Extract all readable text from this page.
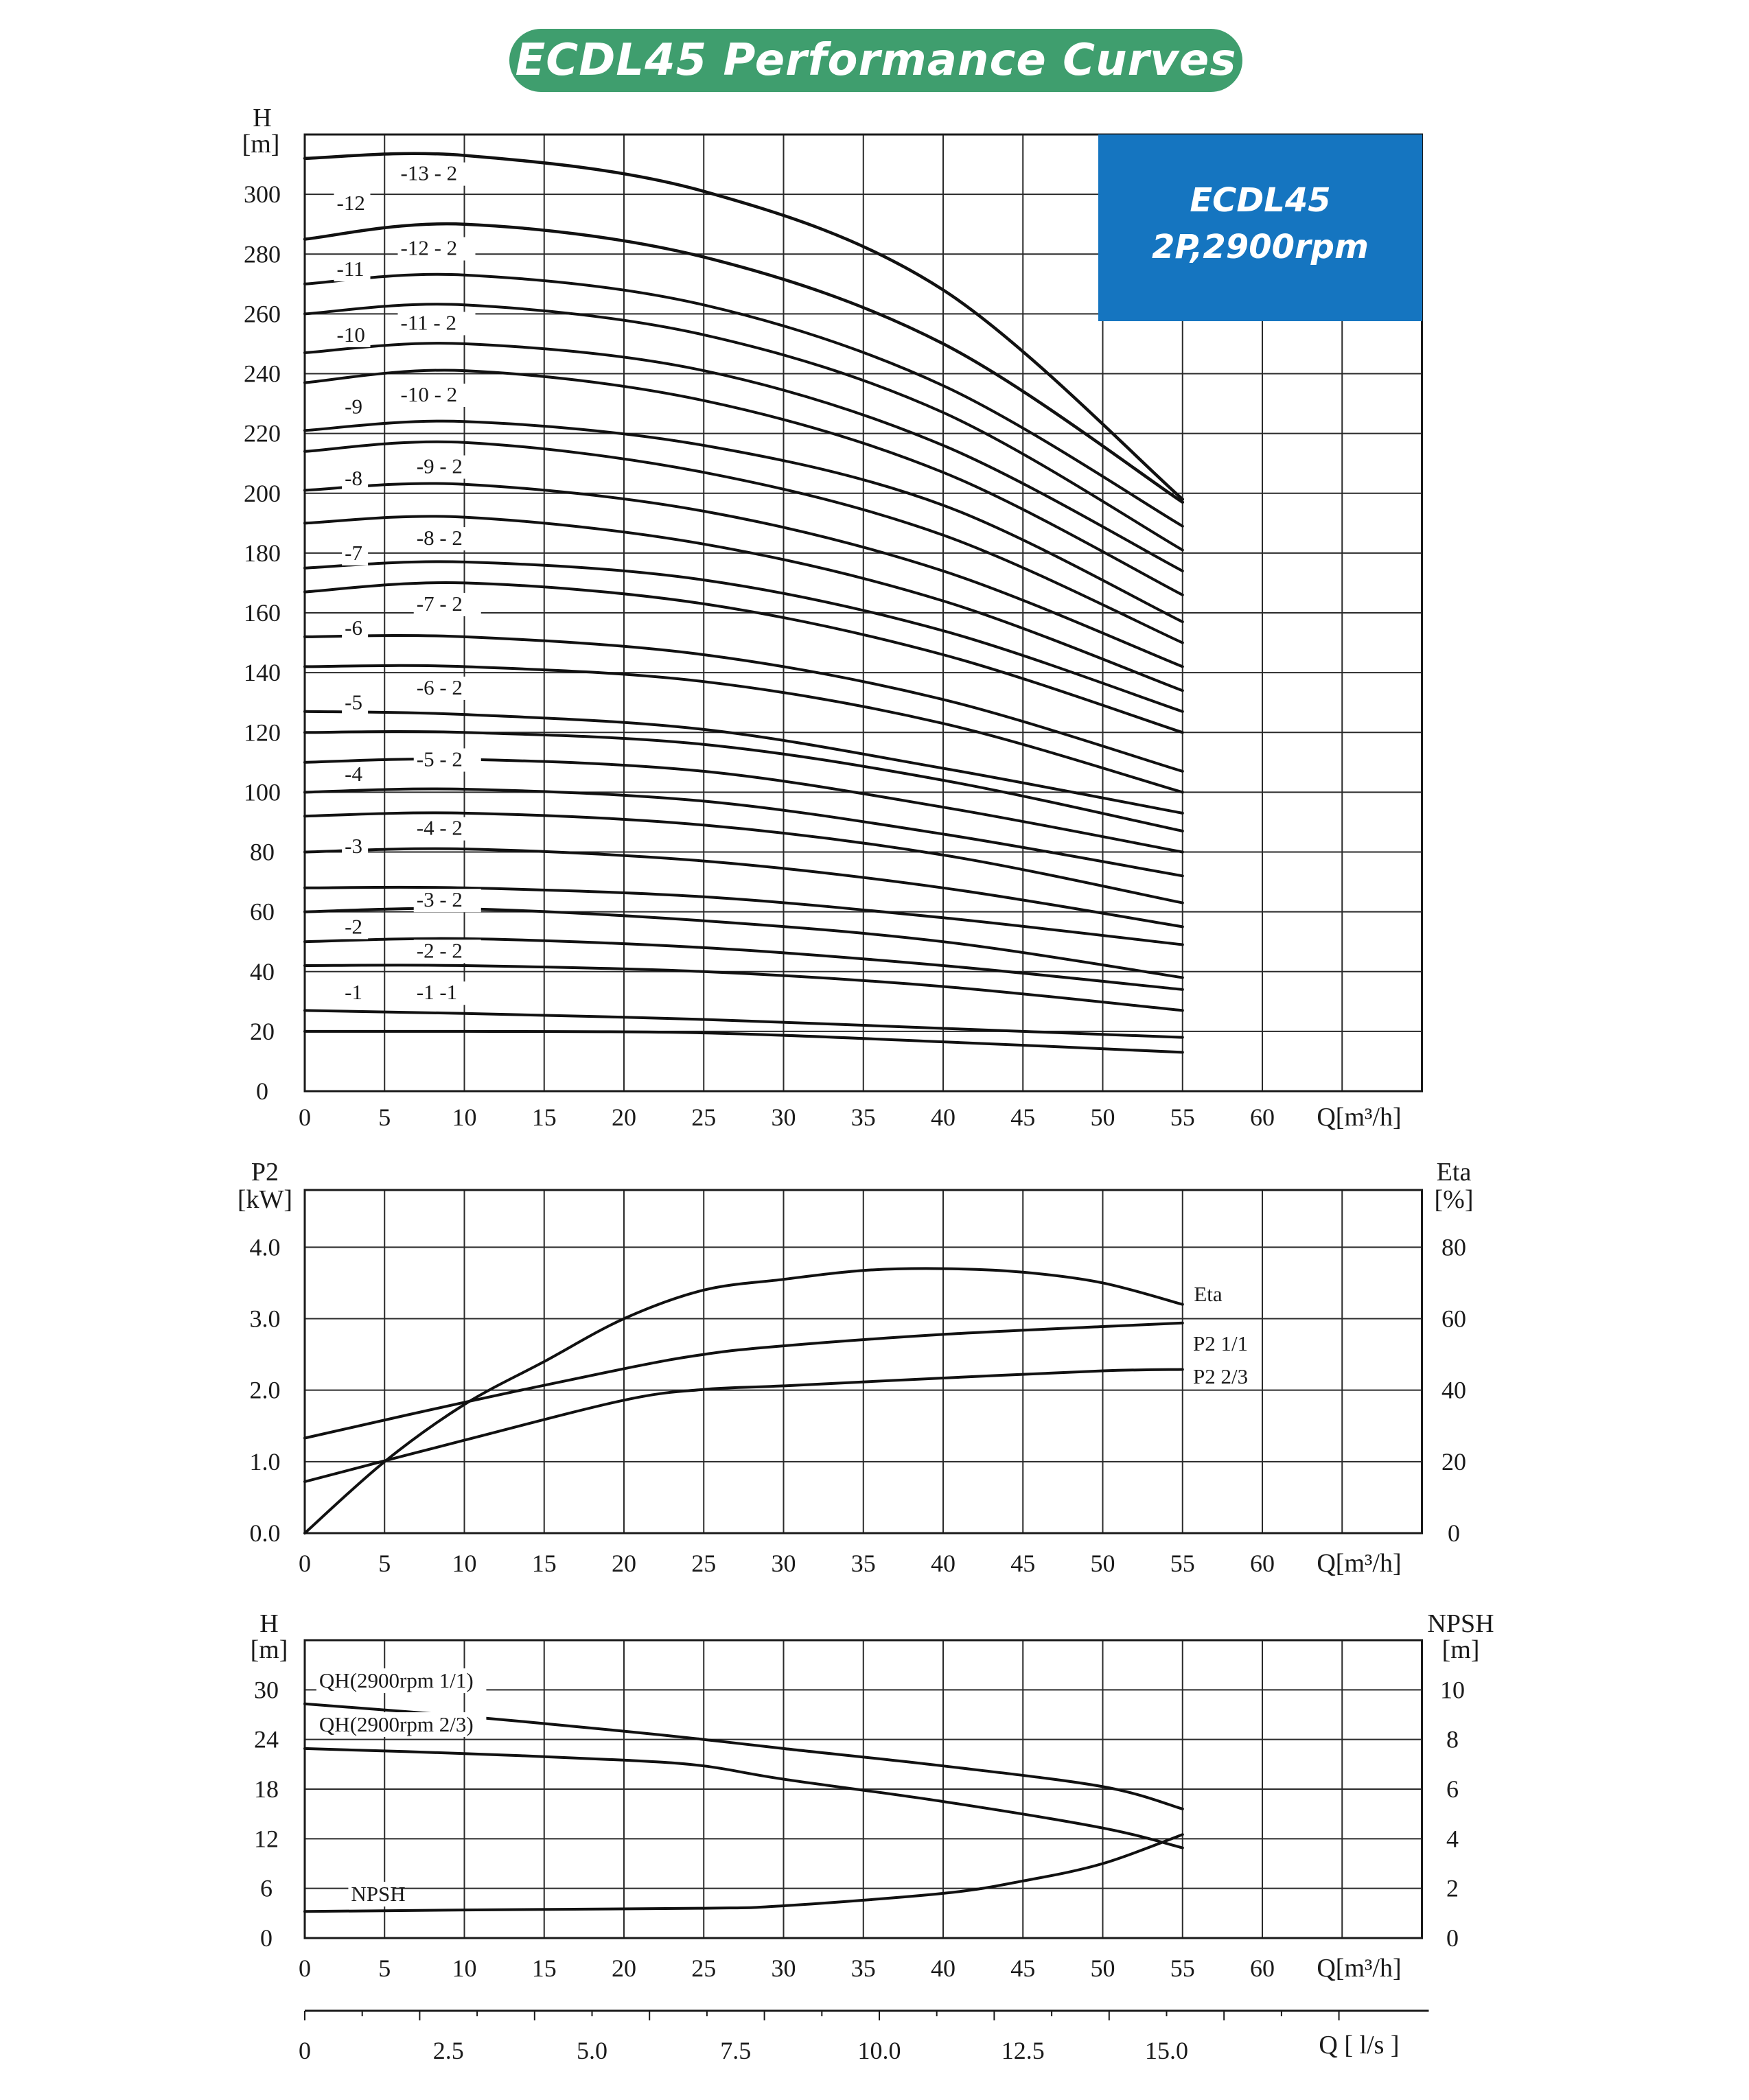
ECDL45 Performance Curves
ECDL45
2P,2900rpm
-1	-1 -1
-2
-2 - 2
-3
-3 - 2
-4
-4 - 2
-5
-5 - 2
-6
-6 - 2
-7
-7 - 2
-8
-8 - 2
-9
-9 - 2
-10
-10 - 2
-11
-11 - 2
-12
-12 - 2
-13 - 2
H
[m]
0
20
40
60
80
100
120
140
160
180
200
220
240
260
280
300
0	5 10 15 20 25 30 35 40 45 50 55 60 Q[m³/h]
Eta
P2 1/1
P2 2/3
P2
[kW]
Eta
[%]
0.0
1.0
2.0
3.0
4.0
0
20
40
60
80
0	5 10 15 20 25 30 35 40 45 50 55 60 Q[m³/h]
QH(2900rpm 1/1)
QH(2900rpm 2/3)
NPSH
H
[m]
NPSH
[m]
0
6
12
18
24
30
0
2
4
6
8
10
0	5 10 15 20 25 30 35 40 45 50 55 60 Q[m³/h]
0	2.5	5.0	7.5	10.0	12.5	15.0	Q [ l/s ]
